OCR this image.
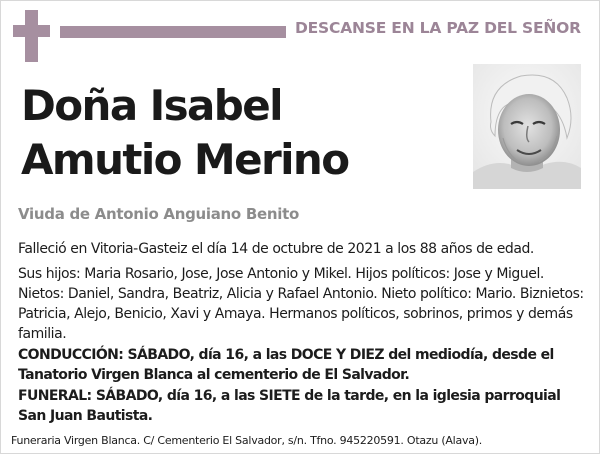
DESCANSE EN LA PAZ DEL SEÑOR
Doña Isabel
Amutio Merino
Viuda de Antonio Anguiano Benito

Falleció en Vitoria-Gasteiz el día 14 de octubre de 2021 a los 88 años de edad.

Sus hijos: Maria Rosario, Jose, Jose Antonio y Mikel. Hijos políticos: Jose y Miguel. Nietos: Daniel, Sandra, Beatriz, Alicia y Rafael Antonio. Nieto político: Mario. Biznietos: Patricia, Alejo, Benicio, Xavi y Amaya. Hermanos políticos, sobrinos, primos y demás familia.

CONDUCCIÓN: SÁBADO, día 16, a las DOCE Y DIEZ del mediodía, desde el Tanatorio Virgen Blanca al cementerio de El Salvador.

FUNERAL: SÁBADO, día 16, a las SIETE de la tarde, en la iglesia parroquial San Juan Bautista.

Funeraria Virgen Blanca. C/ Cementerio El Salvador, s/n. Tfno. 945220591. Otazu (Alava).
